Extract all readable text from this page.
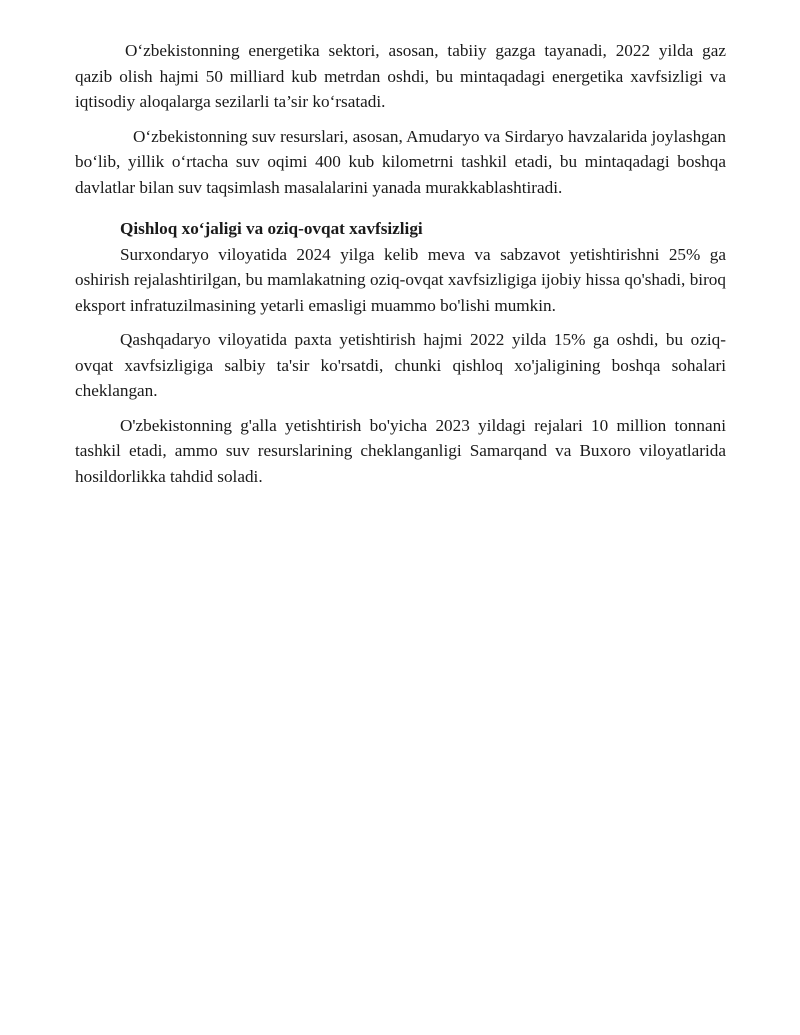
O‘zbekistonning energetika sektori, asosan, tabiiy gazga tayanadi, 2022 yilda gaz qazib olish hajmi 50 milliard kub metrdan oshdi, bu mintaqadagi energetika xavfsizligi va iqtisodiy aloqalarga sezilarli ta’sir ko‘rsatadi.

O‘zbekistonning suv resurslari, asosan, Amudaryo va Sirdaryo havzalarida joylashgan bo‘lib, yillik o‘rtacha suv oqimi 400 kub kilometrni tashkil etadi, bu mintaqadagi boshqa davlatlar bilan suv taqsimlash masalalarini yanada murakkablashtiradi.

Qishloq xo‘jaligi va oziq-ovqat xavfsizligi

Surxondaryo viloyatida 2024 yilga kelib meva va sabzavot yetishtirishni 25% ga oshirish rejalashtirilgan, bu mamlakatning oziq-ovqat xavfsizligiga ijobiy hissa qo'shadi, biroq eksport infratuzilmasining yetarli emasligi muammo bo'lishi mumkin.

Qashqadaryo viloyatida paxta yetishtirish hajmi 2022 yilda 15% ga oshdi, bu oziq-ovqat xavfsizligiga salbiy ta'sir ko'rsatdi, chunki qishloq xo'jaligining boshqa sohalari cheklangan.

O'zbekistonning g'alla yetishtirish bo'yicha 2023 yildagi rejalari 10 million tonnani tashkil etadi, ammo suv resurslarining cheklanganligi Samarqand va Buxoro viloyatlarida hosildorlikka tahdid soladi.
